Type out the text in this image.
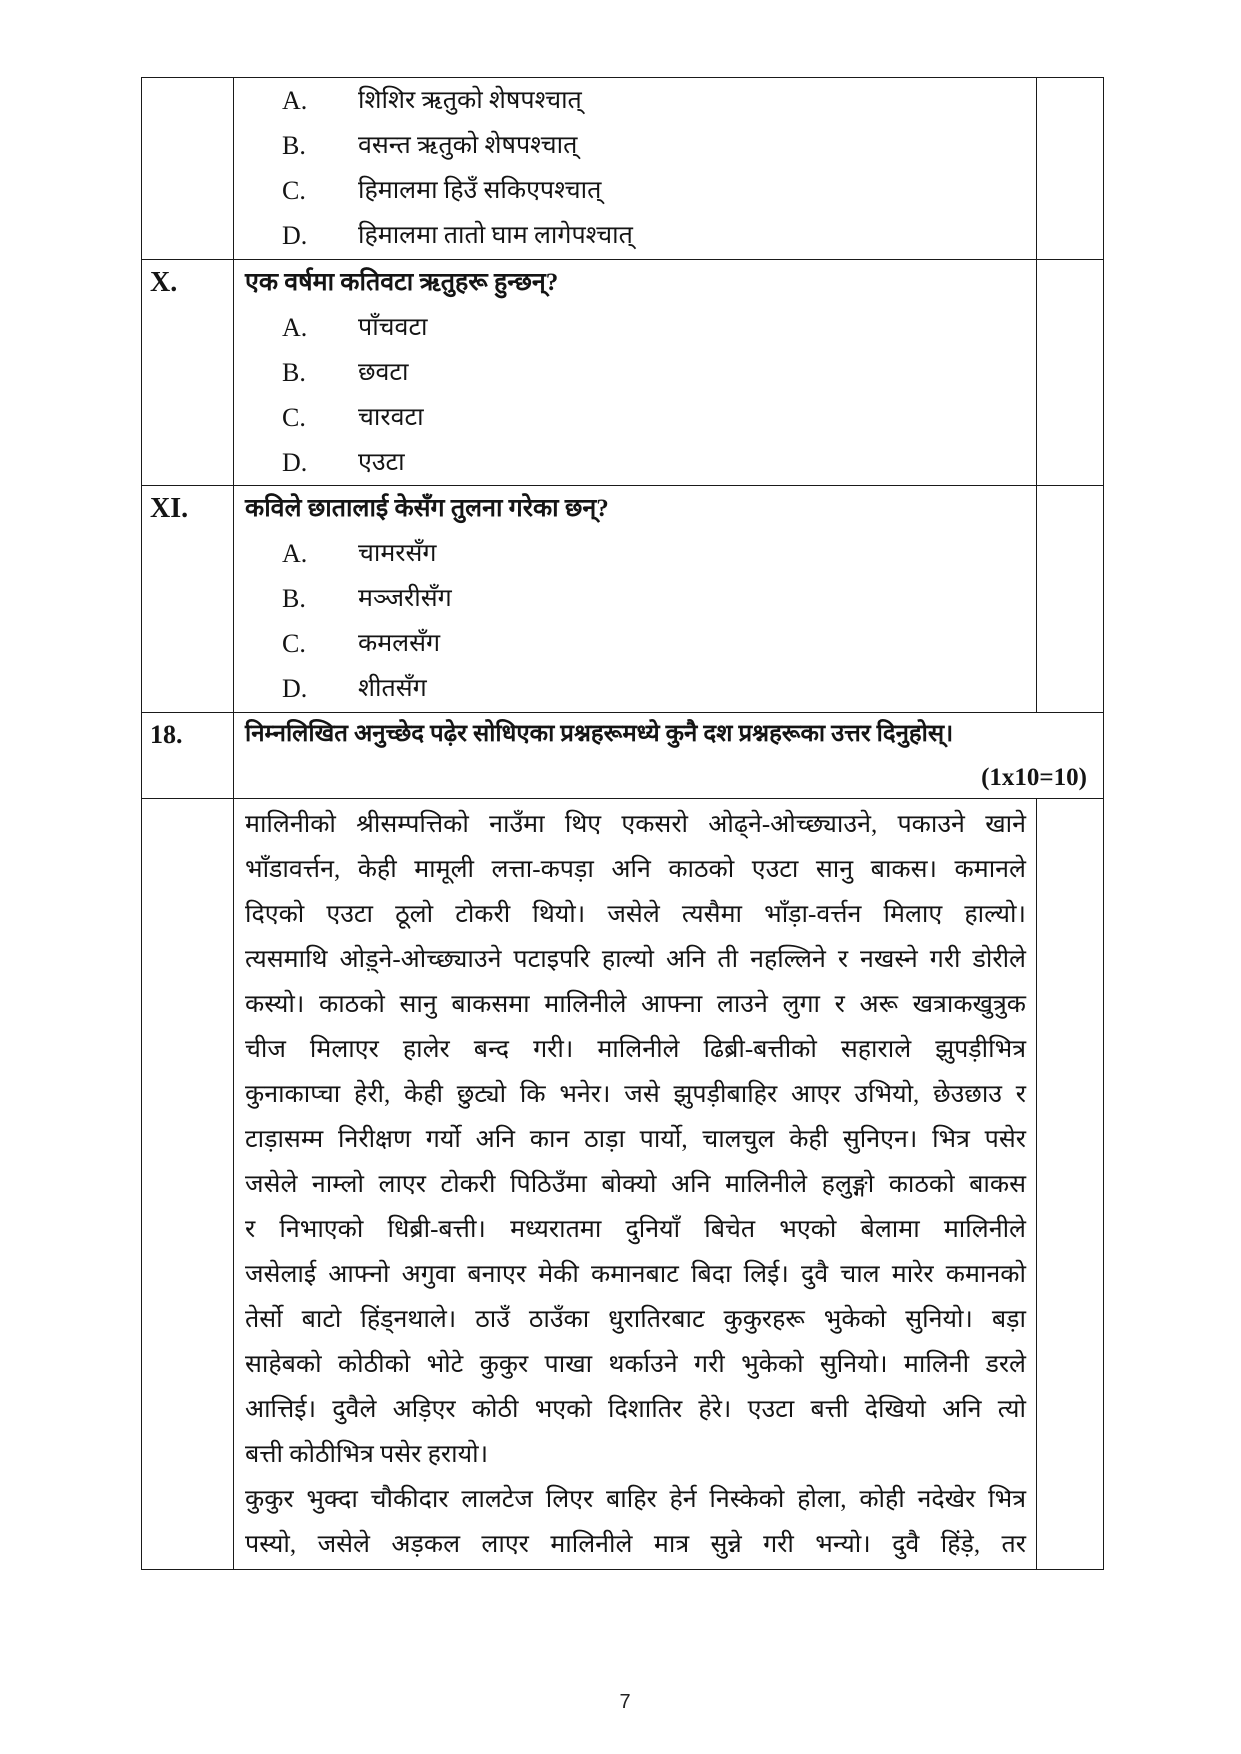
A. शिशिर ऋतुको शेषपश्चात्
B. वसन्त ऋतुको शेषपश्चात्
C. हिमालमा हिउँ सकिएपश्चात्
D. हिमालमा तातो घाम लागेपश्चात्
X.	एक वर्षमा कतिवटा ऋतुहरू हुन्छन्?
A. पाँचवटा
B. छवटा
C. चारवटा
D. एउटा
XI.	कविले छातालाई केसँग तुलना गरेका छन्?
A. चामरसँग
B. मञ्जरीसँग
C. कमलसँग
D. शीतसँग
18.	निम्नलिखित अनुच्छेद पढ़ेर सोधिएका प्रश्नहरूमध्ये कुनै दश प्रश्नहरूका उत्तर दिनुहोस्।
(1x10=10)
मालिनीको श्रीसम्पत्तिको नाउँमा थिए एकसरो ओढ्ने-ओच्छ्याउने, पकाउने खाने
भाँडावर्त्तन, केही मामूली लत्ता-कपड़ा अनि काठको एउटा सानु बाकस। कमानले
दिएको एउटा ठूलो टोकरी थियो। जसेले त्यसैमा भाँड़ा-वर्त्तन मिलाए हाल्यो।
त्यसमाथि ओड़्ने-ओच्छ्याउने पटाइपरि हाल्यो अनि ती नहल्लिने र नखस्ने गरी डोरीले
कस्यो। काठको सानु बाकसमा मालिनीले आफ्ना लाउने लुगा र अरू खत्राकखुत्रुक
चीज मिलाएर हालेर बन्द गरी। मालिनीले ढिब्री-बत्तीको सहाराले झुपड़ीभित्र
कुनाकाप्चा हेरी, केही छुट्यो कि भनेर। जसे झुपड़ीबाहिर आएर उभियो, छेउछाउ र
टाड़ासम्म निरीक्षण गर्यो अनि कान ठाड़ा पार्यो, चालचुल केही सुनिएन। भित्र पसेर
जसेले नाम्लो लाएर टोकरी पिठिउँमा बोक्यो अनि मालिनीले हलुङ्गो काठको बाकस
र निभाएको धिब्री-बत्ती। मध्यरातमा दुनियाँ बिचेत भएको बेलामा मालिनीले
जसेलाई आफ्नो अगुवा बनाएर मेकी कमानबाट बिदा लिई। दुवै चाल मारेर कमानको
तेर्सो बाटो हिंड्नथाले। ठाउँ ठाउँका धुरातिरबाट कुकुरहरू भुकेको सुनियो। बड़ा
साहेबको कोठीको भोटे कुकुर पाखा थर्काउने गरी भुकेको सुनियो। मालिनी डरले
आत्तिई। दुवैले अड़िएर कोठी भएको दिशातिर हेरे। एउटा बत्ती देखियो अनि त्यो
बत्ती कोठीभित्र पसेर हरायो।
कुकुर भुक्दा चौकीदार लालटेज लिएर बाहिर हेर्न निस्केको होला, कोही नदेखेर भित्र
पस्यो, जसेले अड़कल लाएर मालिनीले मात्र सुन्ने गरी भन्यो। दुवै हिंड़े, तर
7
